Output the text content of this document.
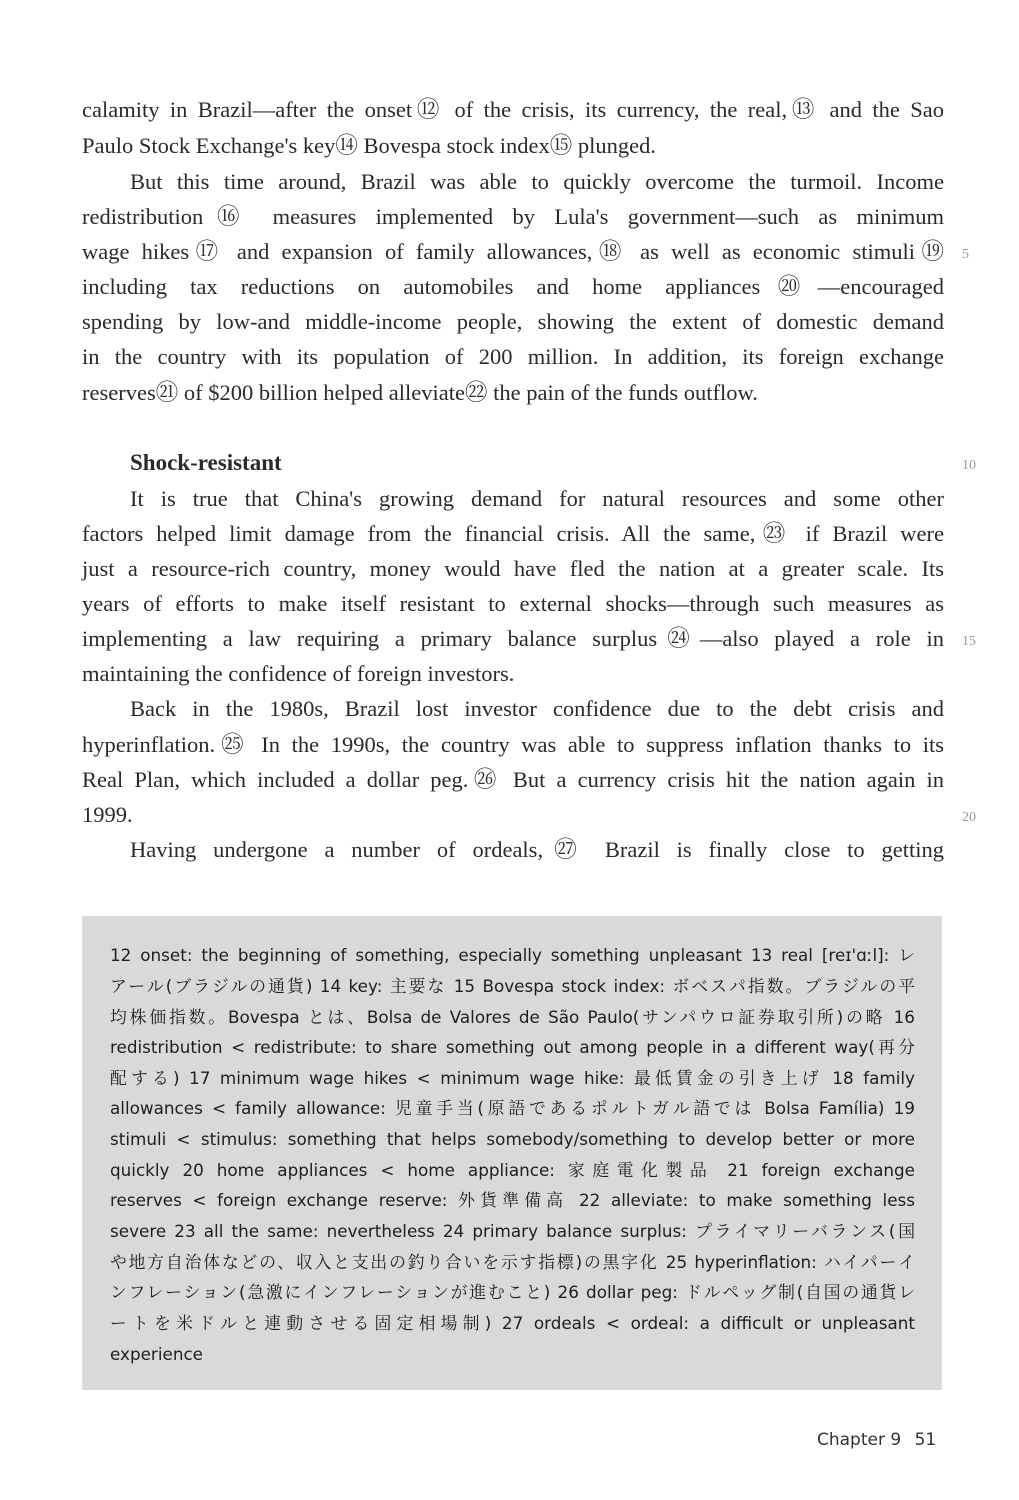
calamity in Brazil—after the onset⑫ of the crisis, its currency, the real,⑬ and the Sao
Paulo Stock Exchange's key⑭ Bovespa stock index⑮ plunged.
But this time around, Brazil was able to quickly overcome the turmoil. Income
redistribution⑯ measures implemented by Lula's government—such as minimum
wage hikes⑰ and expansion of family allowances,⑱ as well as economic stimuli⑲
including tax reductions on automobiles and home appliances⑳—encouraged
spending by low-and middle-income people, showing the extent of domestic demand
in the country with its population of 200 million. In addition, its foreign exchange
reserves㉑ of $200 billion helped alleviate㉒ the pain of the funds outflow.
Shock-resistant
It is true that China's growing demand for natural resources and some other
factors helped limit damage from the financial crisis. All the same,㉓ if Brazil were
just a resource-rich country, money would have fled the nation at a greater scale. Its
years of efforts to make itself resistant to external shocks—through such measures as
implementing a law requiring a primary balance surplus㉔—also played a role in
maintaining the confidence of foreign investors.
Back in the 1980s, Brazil lost investor confidence due to the debt crisis and
hyperinflation.㉕ In the 1990s, the country was able to suppress inflation thanks to its
Real Plan, which included a dollar peg.㉖ But a currency crisis hit the nation again in
1999.
Having undergone a number of ordeals,㉗ Brazil is finally close to getting
5
10
15
20
12 onset: the beginning of something, especially something unpleasant 13 real [reɪ'ɑːl]: レ
アール(ブラジルの通貨) 14 key: 主要な 15 Bovespa stock index: ボベスパ指数。ブラジルの平
均株価指数。Bovespa とは、Bolsa de Valores de São Paulo(サンパウロ証券取引所)の略 16
redistribution < redistribute: to share something out among people in a different way(再分
配する) 17 minimum wage hikes < minimum wage hike: 最低賃金の引き上げ 18 family
allowances < family allowance: 児童手当(原語であるポルトガル語では Bolsa Família) 19
stimuli < stimulus: something that helps somebody/something to develop better or more
quickly 20 home appliances < home appliance: 家庭電化製品 21 foreign exchange
reserves < foreign exchange reserve: 外貨準備高 22 alleviate: to make something less
severe 23 all the same: nevertheless 24 primary balance surplus: プライマリーバランス(国
や地方自治体などの、収入と支出の釣り合いを示す指標)の黒字化 25 hyperinflation: ハイパーイ
ンフレーション(急激にインフレーションが進むこと) 26 dollar peg: ドルペッグ制(自国の通貨レ
ートを米ドルと連動させる固定相場制) 27 ordeals < ordeal: a difficult or unpleasant
experience
Chapter 9 51
